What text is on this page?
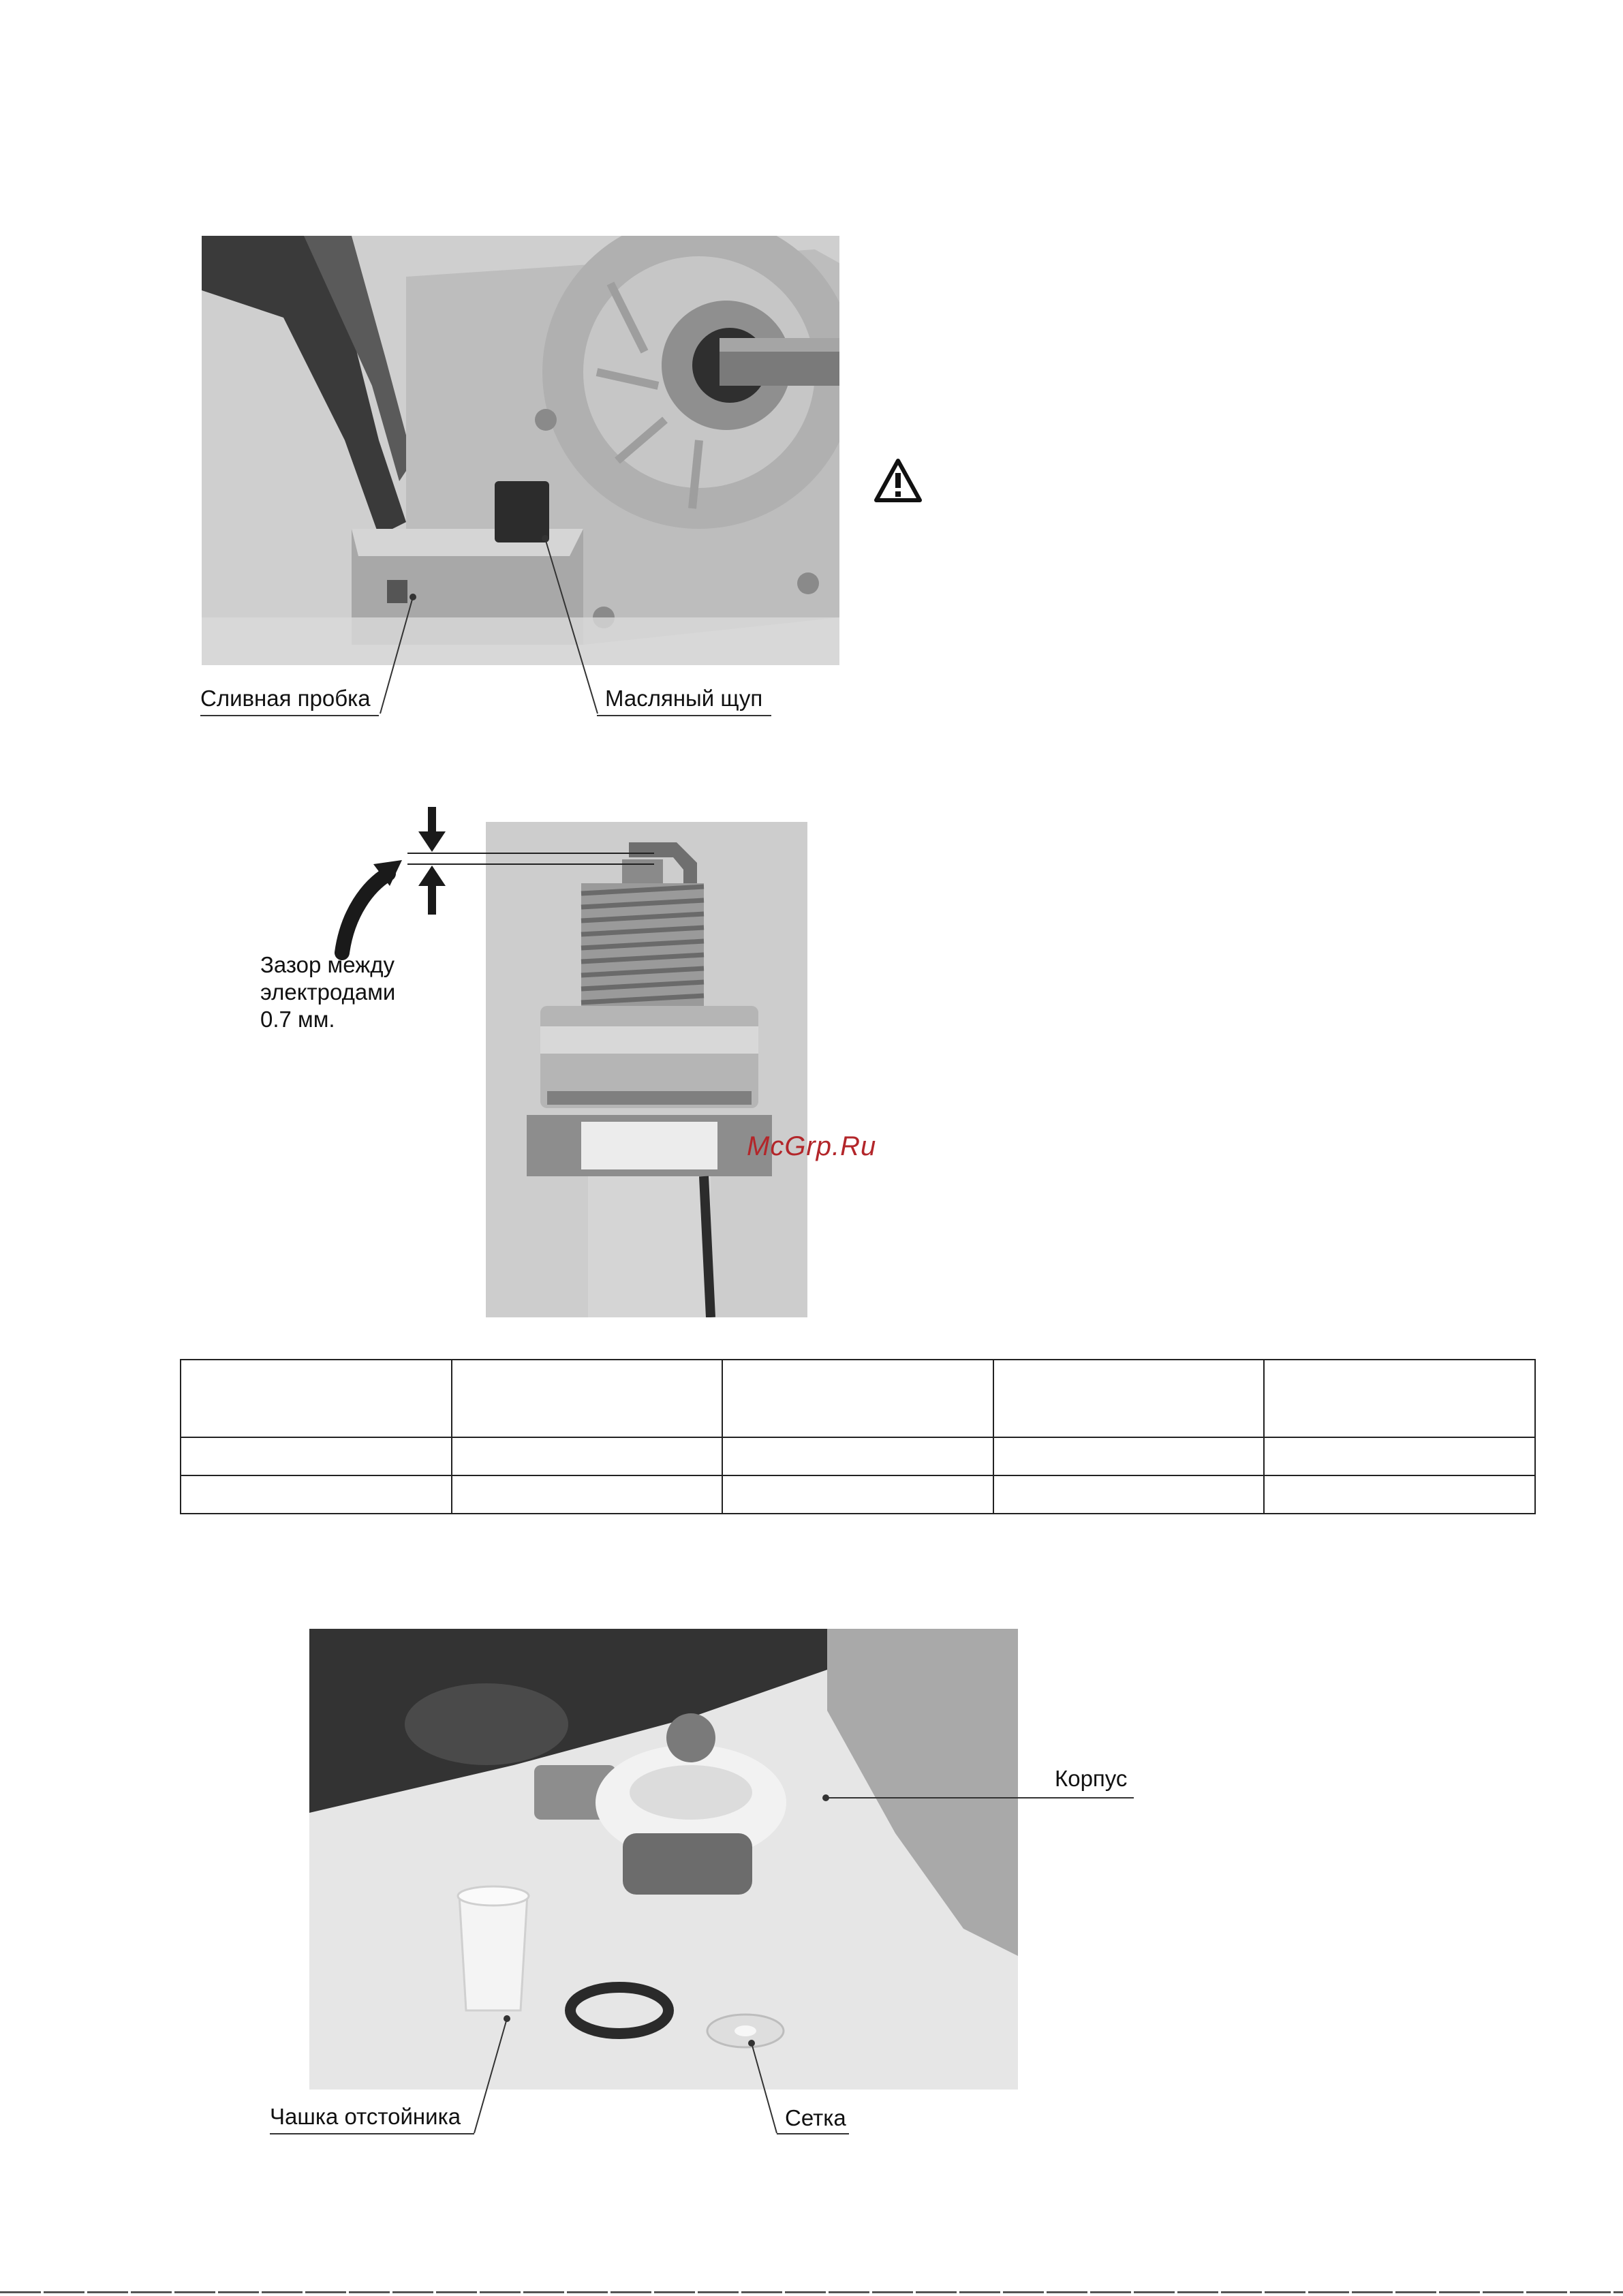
Сливная пробка	Масляный щуп
Зазор между
электродами
0.7 мм.
McGrp.Ru

Корпус
Чашка отстойника	Сетка
